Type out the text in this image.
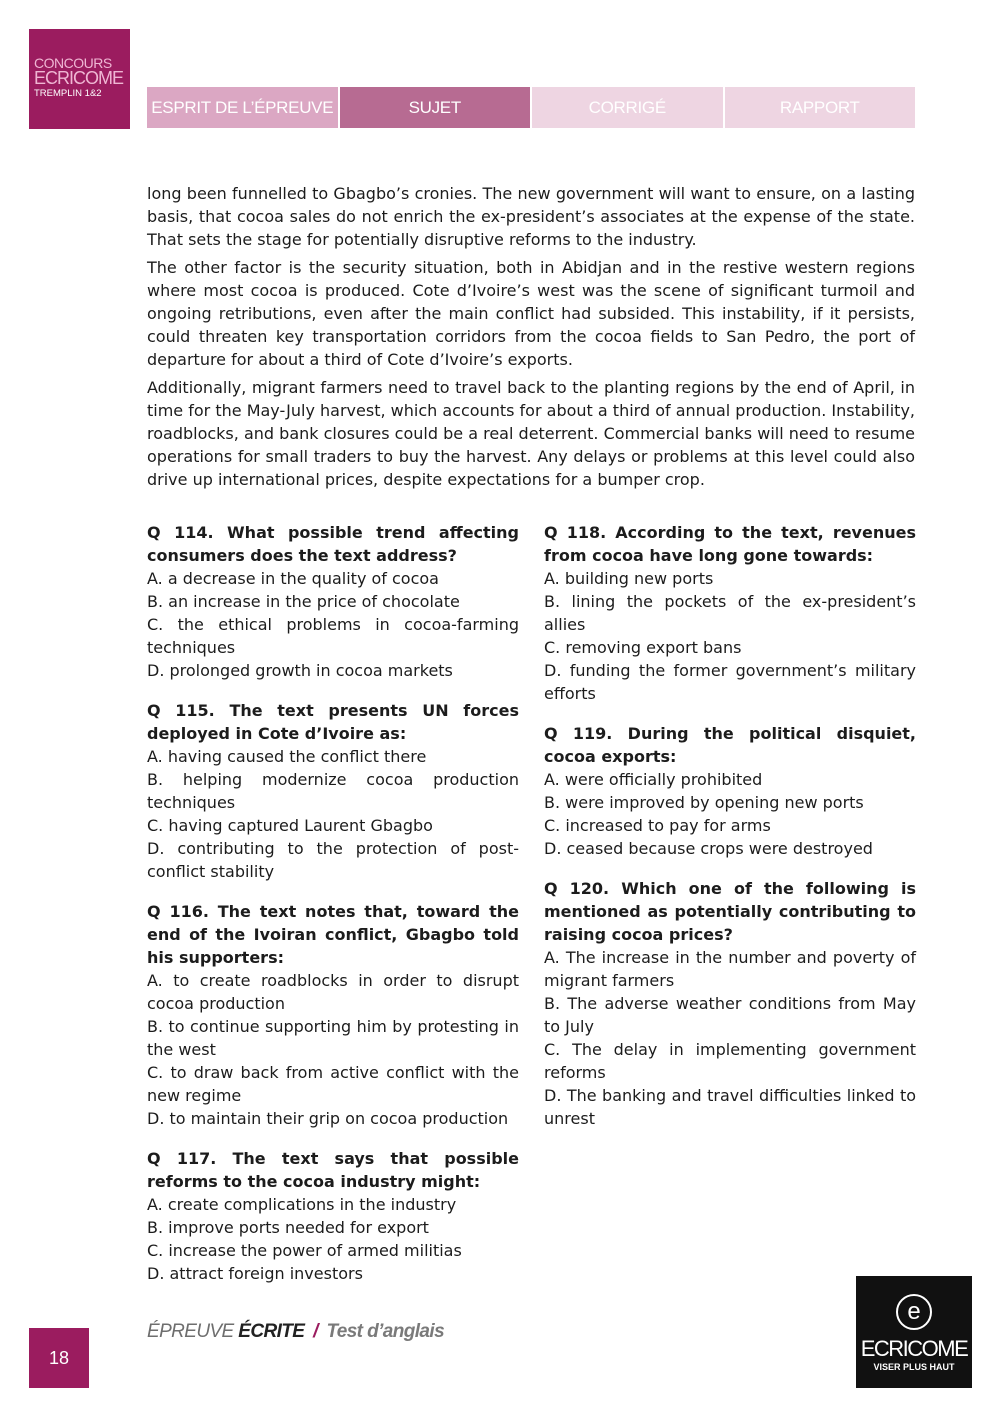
CONCOURS
ECRICOME
TREMPLIN 1&2
ESPRIT DE L’ÉPREUVE	SUJET	CORRIGÉ	RAPPORT

long been funnelled to Gbagbo’s cronies. The new government will want to ensure, on a lasting basis, that cocoa sales do not enrich the ex-president’s associates at the expense of the state. That sets the stage for potentially disruptive reforms to the industry.

The other factor is the security situation, both in Abidjan and in the restive western regions where most cocoa is produced. Cote d’Ivoire’s west was the scene of significant turmoil and ongoing retributions, even after the main conflict had subsided. This instability, if it persists, could threaten key transportation corridors from the cocoa fields to San Pedro, the port of departure for about a third of Cote d’Ivoire’s exports.

Additionally, migrant farmers need to travel back to the planting regions by the end of April, in time for the May-July harvest, which accounts for about a third of annual production. Instability, roadblocks, and bank closures could be a real deterrent. Commercial banks will need to resume operations for small traders to buy the harvest. Any delays or problems at this level could also drive up international prices, despite expectations for a bumper crop.

Q 114. What possible trend affecting consumers does the text address?
A. a decrease in the quality of cocoa
B. an increase in the price of chocolate
C. the ethical problems in cocoa-farming techniques
D. prolonged growth in cocoa markets
Q 115. The text presents UN forces deployed in Cote d’Ivoire as:
A. having caused the conflict there
B. helping modernize cocoa production techniques
C. having captured Laurent Gbagbo
D. contributing to the protection of post-conflict stability
Q 116. The text notes that, toward the end of the Ivoiran conflict, Gbagbo told his supporters:
A. to create roadblocks in order to disrupt cocoa production
B. to continue supporting him by protesting in the west
C. to draw back from active conflict with the new regime
D. to maintain their grip on cocoa production
Q 117. The text says that possible reforms to the cocoa industry might:
A. create complications in the industry
B. improve ports needed for export
C. increase the power of armed militias
D. attract foreign investors
Q 118. According to the text, revenues from cocoa have long gone towards:
A. building new ports
B. lining the pockets of the ex-president’s allies
C. removing export bans
D. funding the former government’s military efforts
Q 119. During the political disquiet, cocoa exports:
A. were officially prohibited
B. were improved by opening new ports
C. increased to pay for arms
D. ceased because crops were destroyed
Q 120. Which one of the following is mentioned as potentially contributing to raising cocoa prices?
A. The increase in the number and poverty of migrant farmers
B. The adverse weather conditions from May to July
C. The delay in implementing government reforms
D. The banking and travel difficulties linked to unrest
18
ÉPREUVE ÉCRITE / Test d’anglais
e
ECRICOME
VISER PLUS HAUT
